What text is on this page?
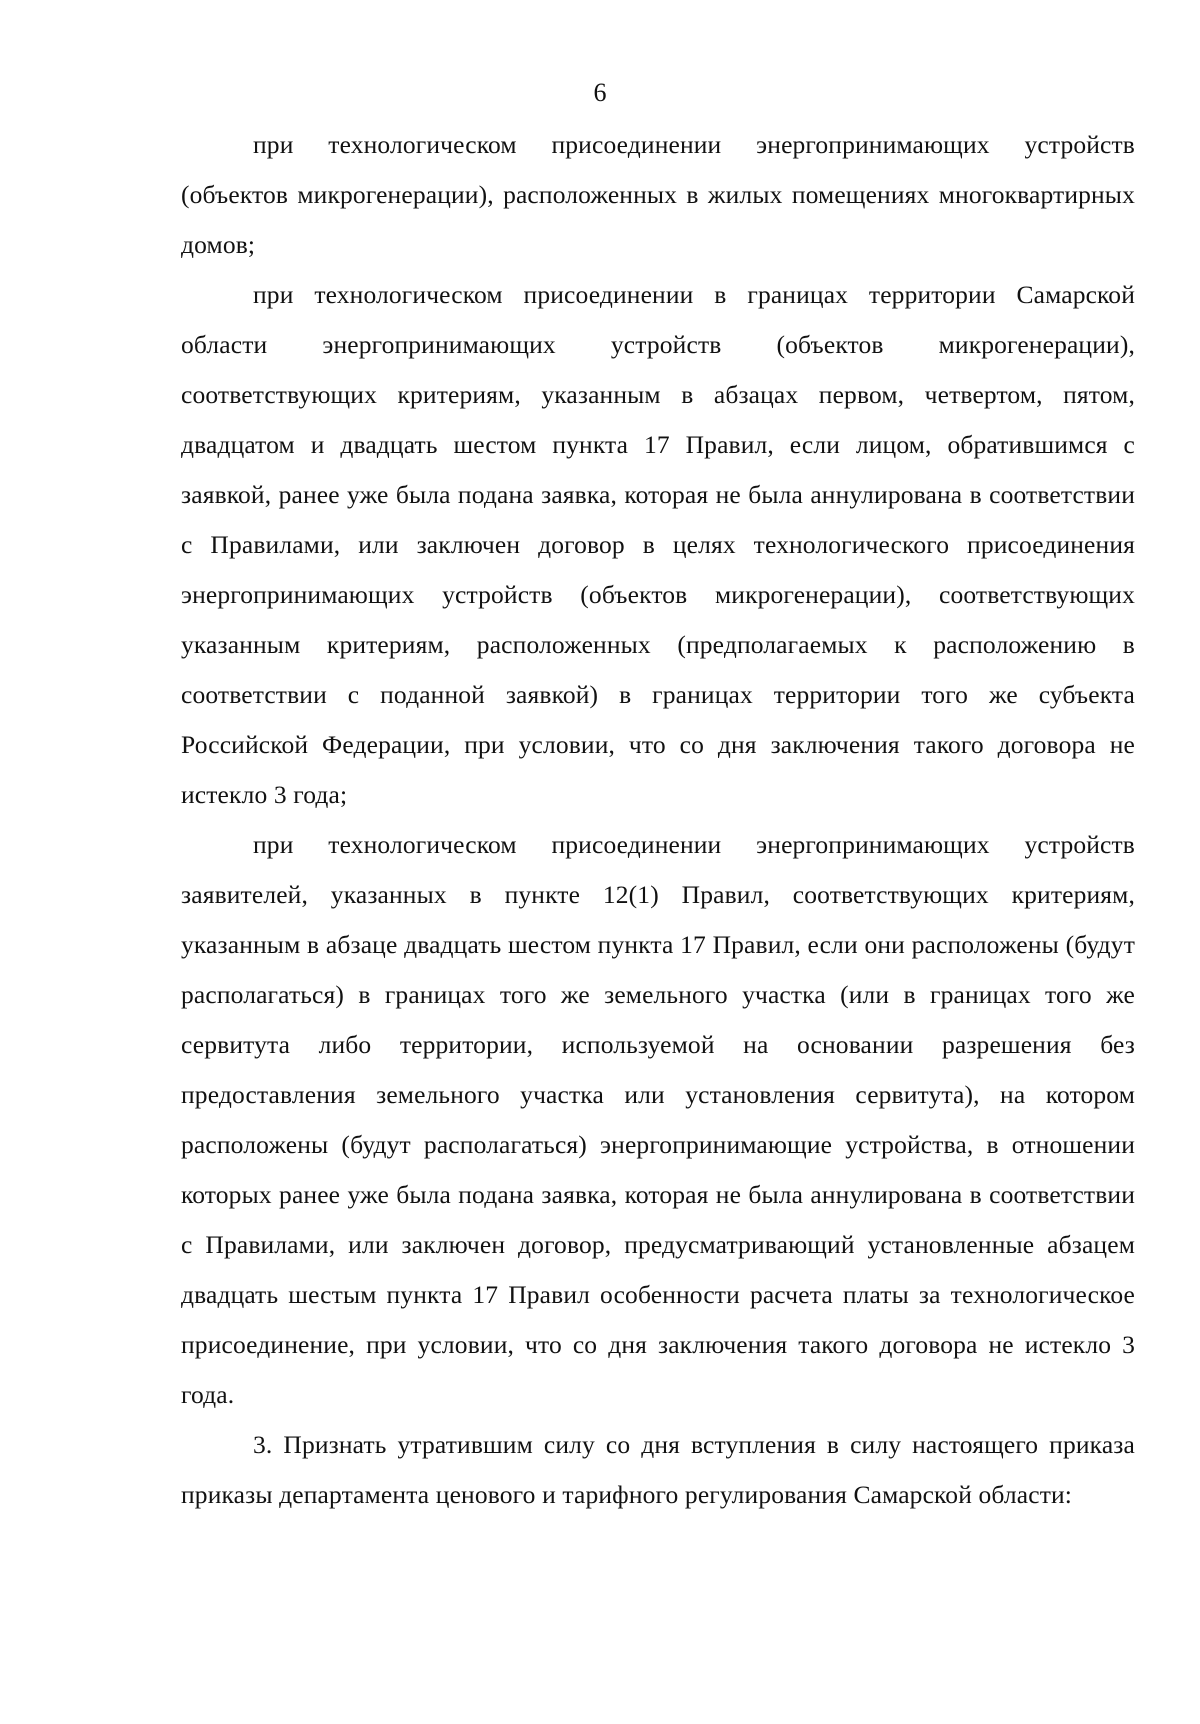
6

при технологическом присоединении энергопринимающих устройств (объектов микрогенерации), расположенных в жилых помещениях многоквартирных домов;

при технологическом присоединении в границах территории Самарской области энергопринимающих устройств (объектов микрогенерации), соответствующих критериям, указанным в абзацах первом, четвертом, пятом, двадцатом и двадцать шестом пункта 17 Правил, если лицом, обратившимся с заявкой, ранее уже была подана заявка, которая не была аннулирована в соответствии с Правилами, или заключен договор в целях технологического присоединения энергопринимающих устройств (объектов микрогенерации), соответствующих указанным критериям, расположенных (предполагаемых к расположению в соответствии с поданной заявкой) в границах территории того же субъекта Российской Федерации, при условии, что со дня заключения такого договора не истекло 3 года;

при технологическом присоединении энергопринимающих устройств заявителей, указанных в пункте 12(1) Правил, соответствующих критериям, указанным в абзаце двадцать шестом пункта 17 Правил, если они расположены (будут располагаться) в границах того же земельного участка (или в границах того же сервитута либо территории, используемой на основании разрешения без предоставления земельного участка или установления сервитута), на котором расположены (будут располагаться) энергопринимающие устройства, в отношении которых ранее уже была подана заявка, которая не была аннулирована в соответствии с Правилами, или заключен договор, предусматривающий установленные абзацем двадцать шестым пункта 17 Правил особенности расчета платы за технологическое присоединение, при условии, что со дня заключения такого договора не истекло 3 года.

3. Признать утратившим силу со дня вступления в силу настоящего приказа приказы департамента ценового и тарифного регулирования Самарской области:
